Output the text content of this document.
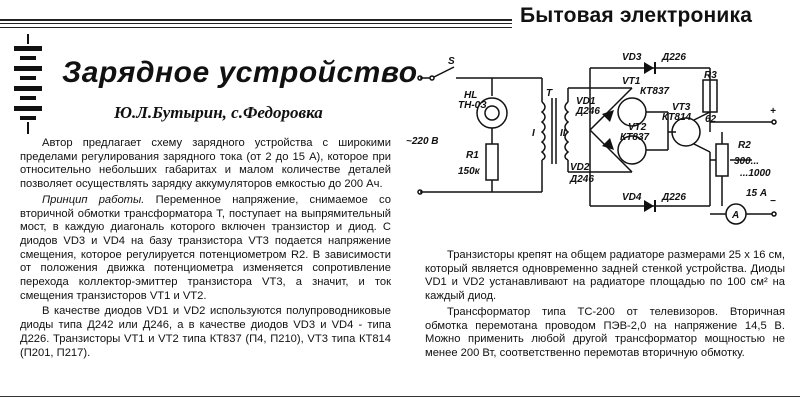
Бытовая электроника
Зарядное устройство
Ю.Л.Бутырин, с.Федоровка

Автор предлагает схему зарядного устройства с широкими пределами регулирования зарядного тока (от 2 до 15 А), которое при относительно небольших габаритах и малом количестве деталей позволяет осуществлять зарядку аккумуляторов емкостью до 200 Ач.

Принцип работы. Переменное напряжение, снимаемое со вторичной обмотки трансформатора Т, поступает на выпрямительный мост, в каждую диагональ которого включен транзистор и диод. С диодов VD3 и VD4 на базу транзистора VT3 подается напряжение смещения, которое регулируется потенциометром R2. В зависимости от положения движка потенциометра изменяется сопротивление перехода коллектор-эмиттер транзистора VT3, а значит, и ток смещения транзисторов VT1 и VT2.

В качестве диодов VD1 и VD2 используются полупроводниковые диоды типа Д242 или Д246, а в качестве диодов VD3 и VD4 - типа Д226. Транзисторы VT1 и VT2 типа КТ837 (П4, П210), VT3 типа КТ814 (П201, П217).

Транзисторы крепят на общем радиаторе размерами 25 х 16 см, который является одновременно задней стенкой устройства. Диоды VD1 и VD2 устанавливают на радиаторе площадью по 100 см² на каждый диод.

Трансформатор типа ТС-200 от телевизоров. Вторичная обмотка перемотана проводом ПЭВ-2,0 на напряжение 14,5 В. Можно применить любой другой трансформатор мощностью не менее 200 Вт, соответственно перемотав вторичную обмотку.

S
HL
ТН-0З
~220 В
R1
150к
T
I	II
VD1
Д246
VD2
Д246
VD3 Д226
VD4 Д226
VT1
КТ837
VT2
КТ837
VT3
КТ814
R3
62
R2
300...
...1000
A
15 А
+
−
